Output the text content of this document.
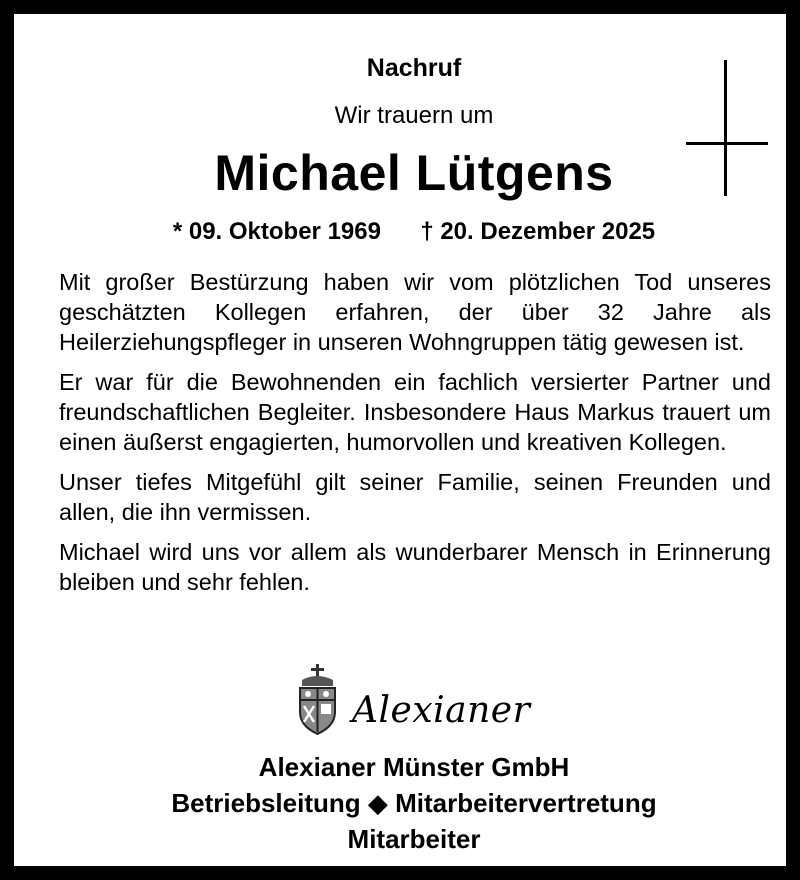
Nachruf
Wir trauern um
Michael Lütgens
* 09. Oktober 1969 † 20. Dezember 2025

Mit großer Bestürzung haben wir vom plötzlichen Tod unseres geschätzten Kollegen erfahren, der über 32 Jahre als Heilerziehungspfleger in unseren Wohngruppen tätig gewesen ist.

Er war für die Bewohnenden ein fachlich versierter Partner und freundschaftlichen Begleiter. Insbesondere Haus Markus trauert um einen äußerst engagierten, humorvollen und kreativen Kollegen.

Unser tiefes Mitgefühl gilt seiner Familie, seinen Freunden und allen, die ihn vermissen.

Michael wird uns vor allem als wunderbarer Mensch in Erinnerung bleiben und sehr fehlen.

Alexianer
Alexianer Münster GmbH
Betriebsleitung ◆ Mitarbeitervertretung
Mitarbeiter
